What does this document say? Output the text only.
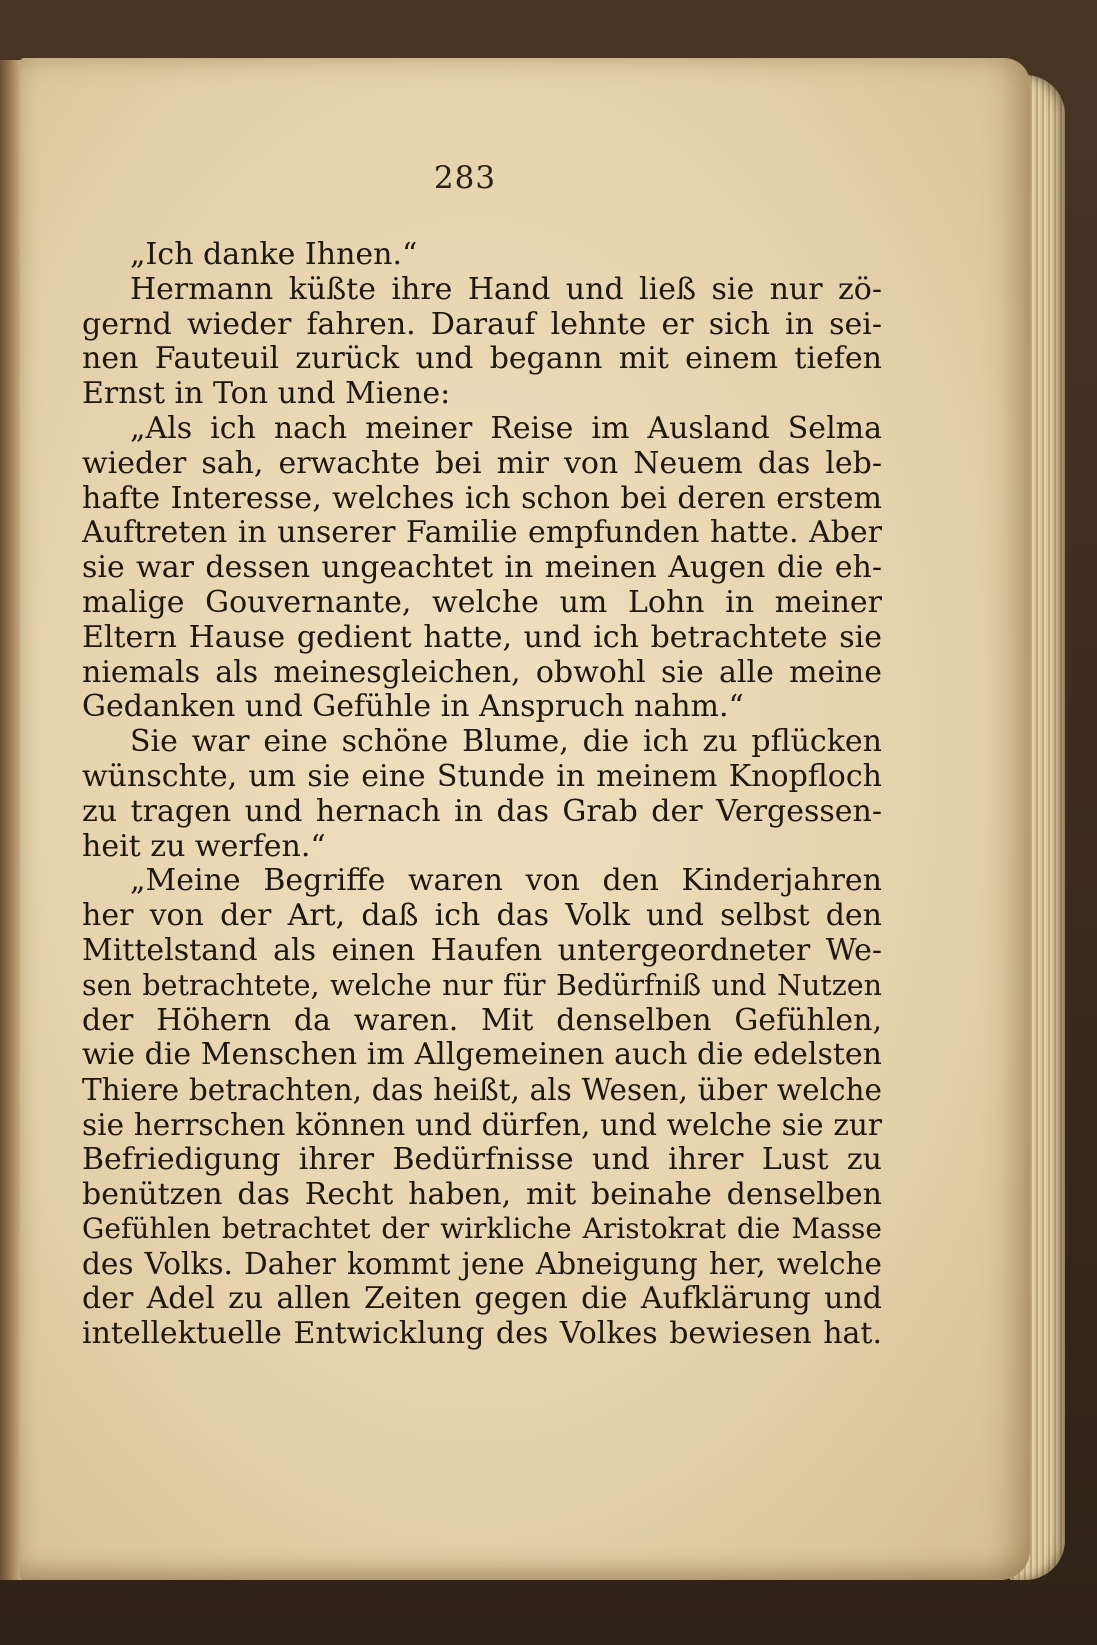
283
„Ich danke Ihnen.“
Hermann küßte ihre Hand und ließ sie nur zö-
gernd wieder fahren. Darauf lehnte er sich in sei-
nen Fauteuil zurück und begann mit einem tiefen
Ernst in Ton und Miene:
„Als ich nach meiner Reise im Ausland Selma
wieder sah, erwachte bei mir von Neuem das leb-
hafte Interesse, welches ich schon bei deren erstem
Auftreten in unserer Familie empfunden hatte. Aber
sie war dessen ungeachtet in meinen Augen die eh-
malige Gouvernante, welche um Lohn in meiner
Eltern Hause gedient hatte, und ich betrachtete sie
niemals als meinesgleichen, obwohl sie alle meine
Gedanken und Gefühle in Anspruch nahm.“
Sie war eine schöne Blume, die ich zu pflücken
wünschte, um sie eine Stunde in meinem Knopfloch
zu tragen und hernach in das Grab der Vergessen-
heit zu werfen.“
„Meine Begriffe waren von den Kinderjahren
her von der Art, daß ich das Volk und selbst den
Mittelstand als einen Haufen untergeordneter We-
sen betrachtete, welche nur für Bedürfniß und Nutzen
der Höhern da waren. Mit denselben Gefühlen,
wie die Menschen im Allgemeinen auch die edelsten
Thiere betrachten, das heißt, als Wesen, über welche
sie herrschen können und dürfen, und welche sie zur
Befriedigung ihrer Bedürfnisse und ihrer Lust zu
benützen das Recht haben, mit beinahe denselben
Gefühlen betrachtet der wirkliche Aristokrat die Masse
des Volks. Daher kommt jene Abneigung her, welche
der Adel zu allen Zeiten gegen die Aufklärung und
intellektuelle Entwicklung des Volkes bewiesen hat.
